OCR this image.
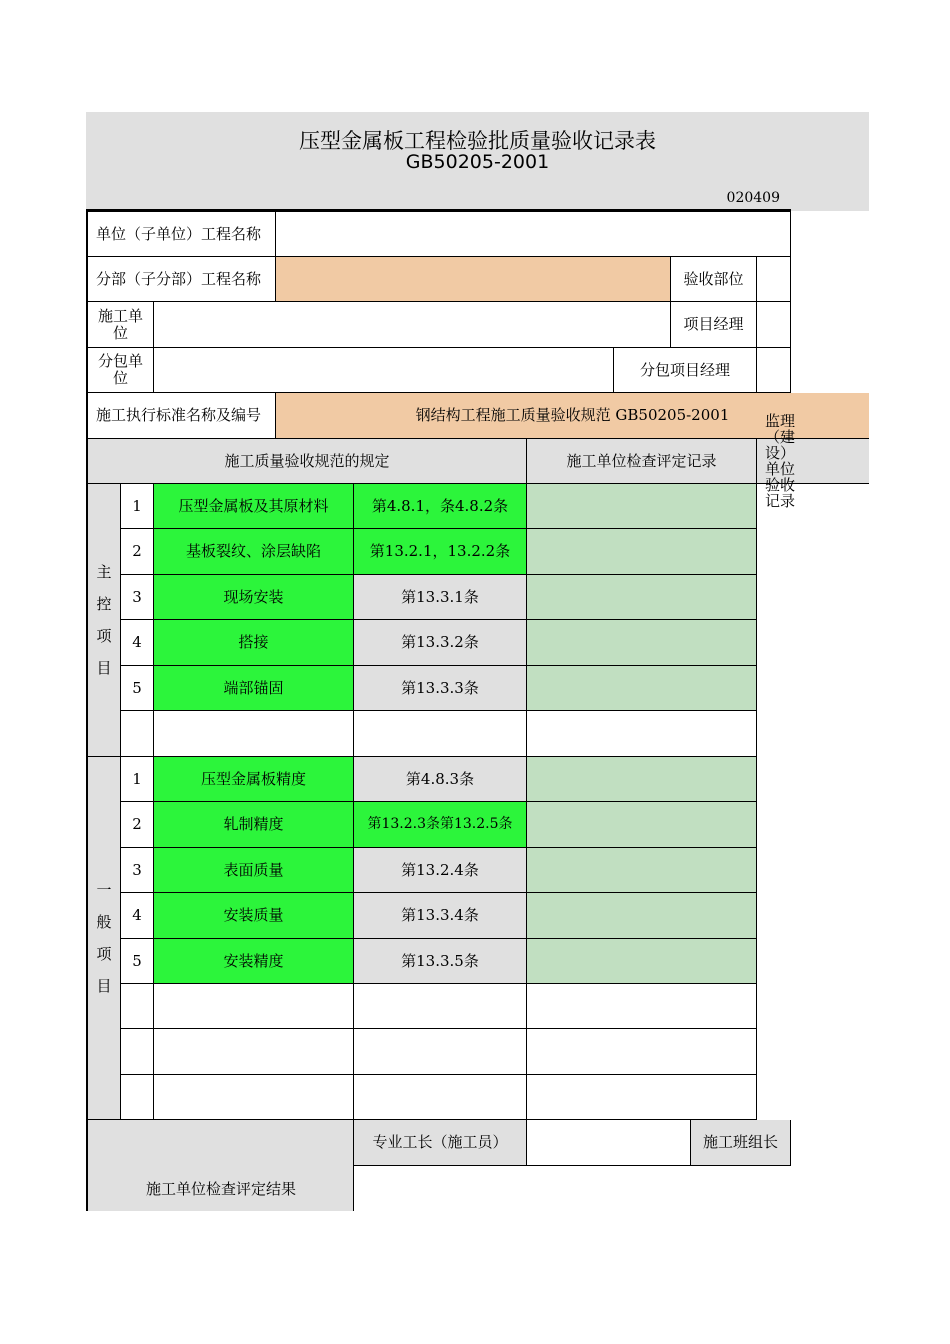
压型金属板工程检验批质量验收记录表
GB50205-2001
020409
单位（子单位）工程名称
分部（子分部）工程名称	验收部位
施工单位	项目经理
分包单位	分包项目经理
施工执行标准名称及编号	钢结构工程施工质量验收规范 GB50205-2001
施工质量验收规范的规定	施工单位检查评定记录
监理（建设）单位验收记录
主
控
项
目
1	压型金属板及其原材料	第4.8.1，条4.8.2条
2	基板裂纹、涂层缺陷	第13.2.1，13.2.2条
3	现场安装	第13.3.1条
4	搭接	第13.3.2条
5	端部锚固	第13.3.3条
一
般
项
目
1	压型金属板精度	第4.8.3条
2	轧制精度	第13.2.3条第13.2.5条
3	表面质量	第13.2.4条
4	安装质量	第13.3.4条
5	安装精度	第13.3.5条
专业工长（施工员）	施工班组长
施工单位检查评定结果
